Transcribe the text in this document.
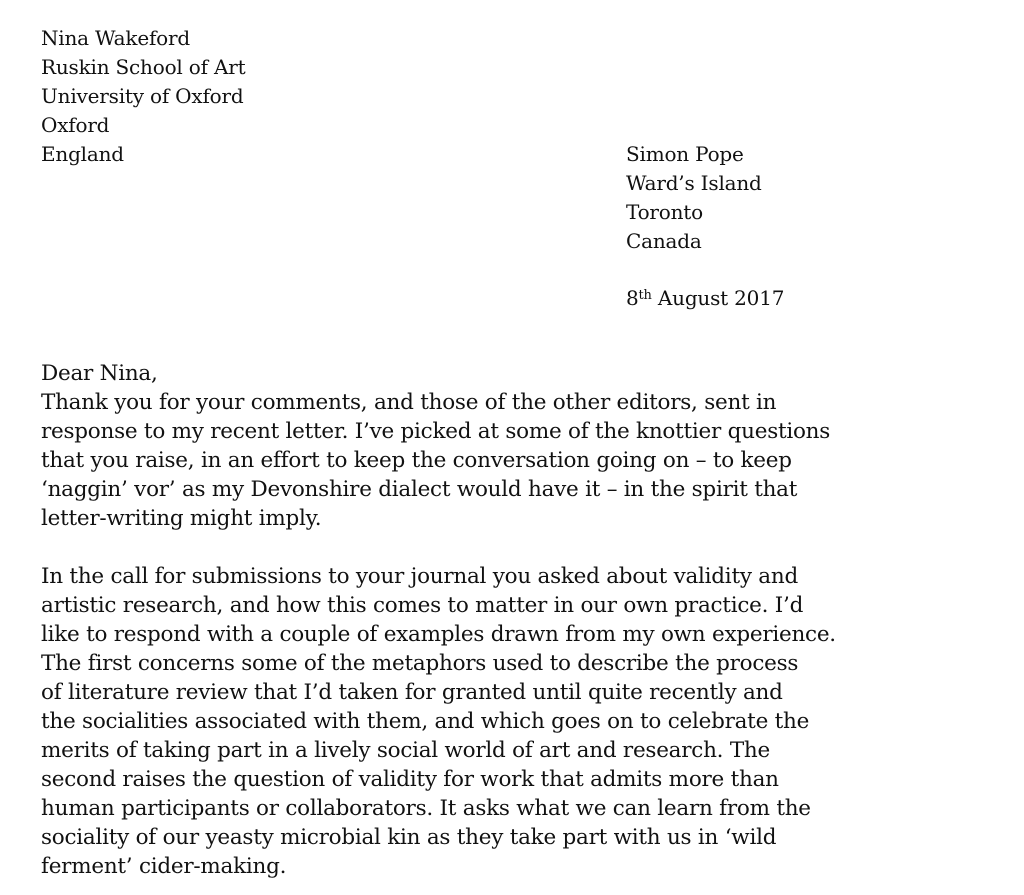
Nina Wakeford
Ruskin School of Art
University of Oxford
Oxford
England	Simon Pope
Ward’s Island
Toronto
Canada
8th August 2017
Dear Nina,
Thank you for your comments, and those of the other editors, sent in
response to my recent letter. I’ve picked at some of the knottier questions
that you raise, in an effort to keep the conversation going on – to keep
‘naggin’ vor’ as my Devonshire dialect would have it – in the spirit that
letter-writing might imply.
In the call for submissions to your journal you asked about validity and
artistic research, and how this comes to matter in our own practice. I’d
like to respond with a couple of examples drawn from my own experience.
The first concerns some of the metaphors used to describe the process
of literature review that I’d taken for granted until quite recently and
the socialities associated with them, and which goes on to celebrate the
merits of taking part in a lively social world of art and research. The
second raises the question of validity for work that admits more than
human participants or collaborators. It asks what we can learn from the
sociality of our yeasty microbial kin as they take part with us in ‘wild
ferment’ cider-making.
